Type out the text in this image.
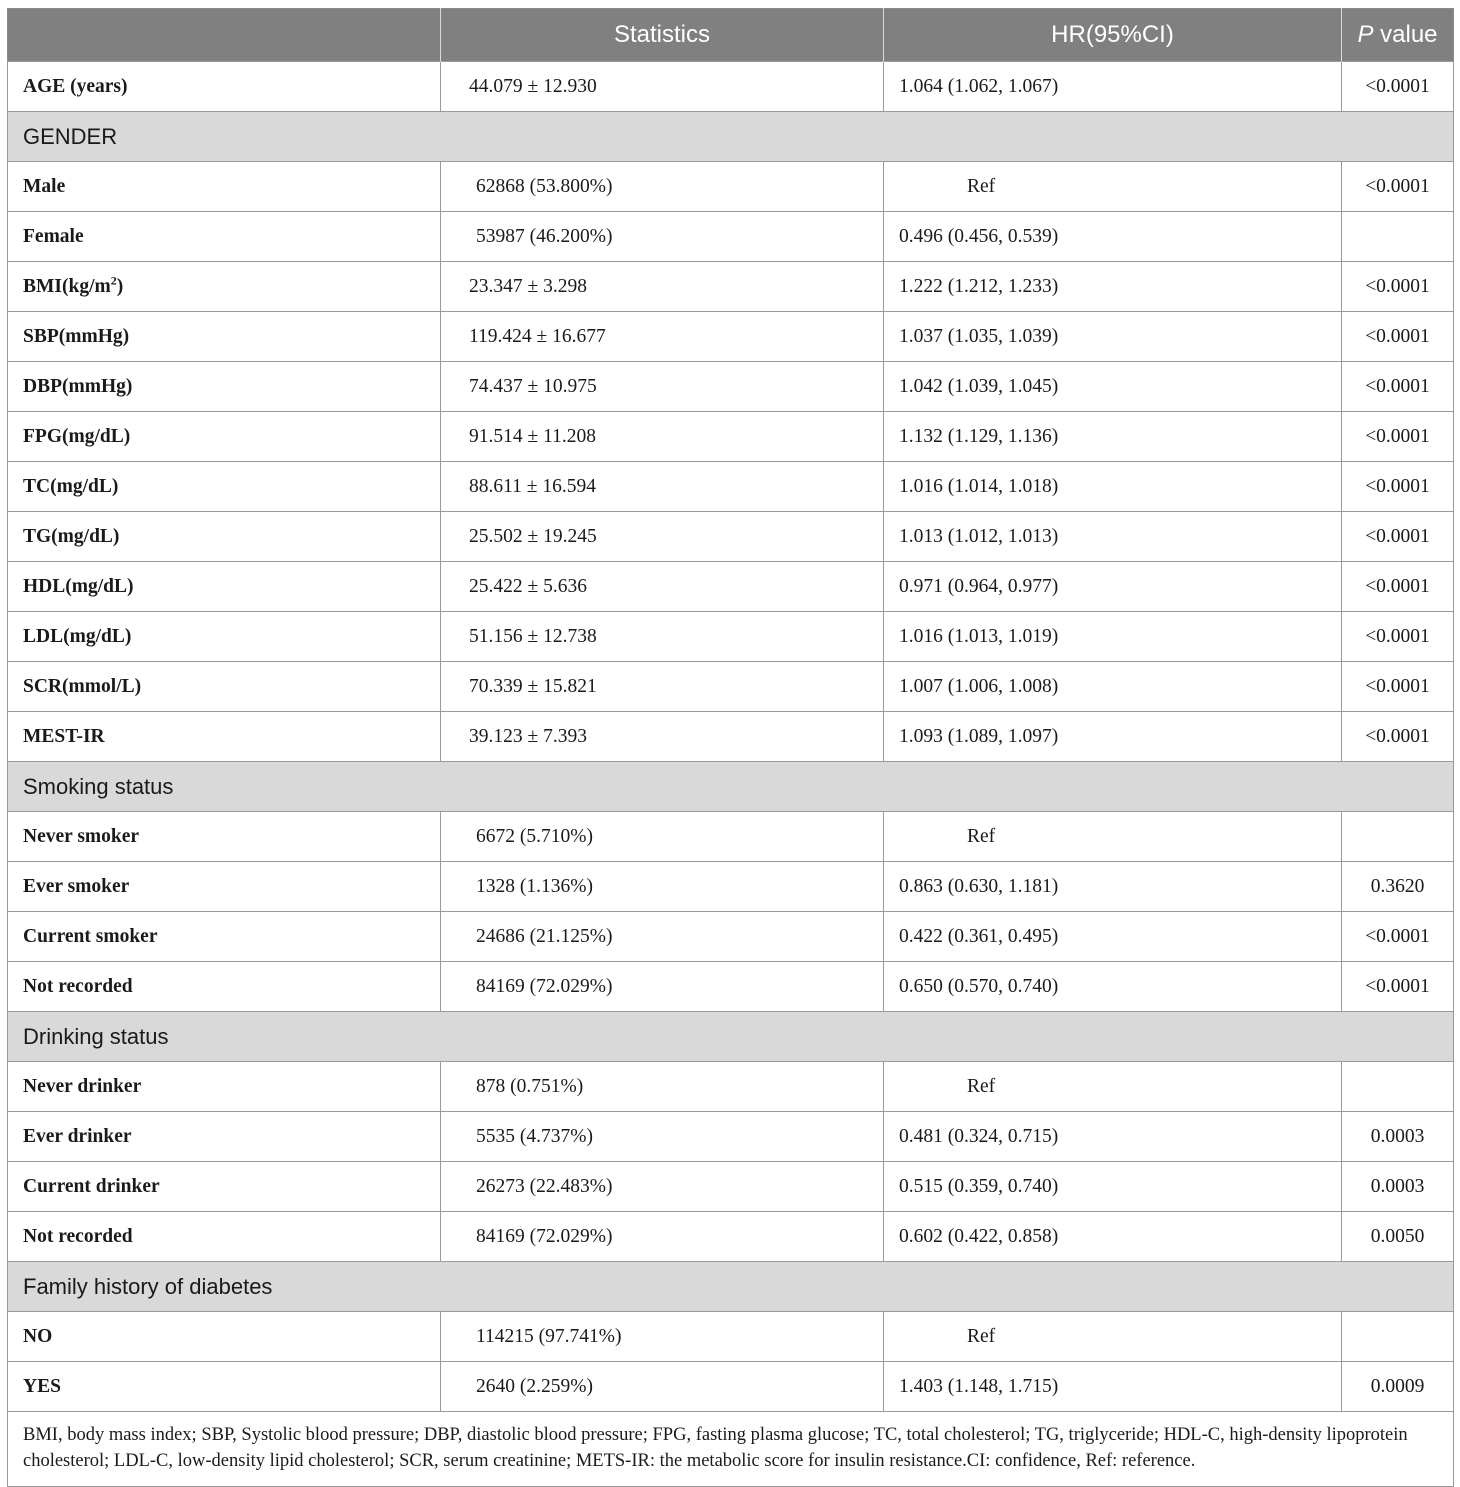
	Statistics	HR(95%CI)	P value
AGE (years)	44.079 ± 12.930	1.064 (1.062, 1.067)	<0.0001
GENDER			
Male	62868 (53.800%)	Ref	<0.0001
Female	53987 (46.200%)	0.496 (0.456, 0.539)	
$BMI(kg/m^2)$	23.347 ± 3.298	1.222 (1.212, 1.233)	<0.0001
SBP(mmHg)	119.424 ± 16.677	1.037 (1.035, 1.039)	<0.0001
DBP(mmHg)	74.437 ± 10.975	1.042 (1.039, 1.045)	<0.0001
FPG(mg/dL)	91.514 ± 11.208	1.132 (1.129, 1.136)	<0.0001
TC(mg/dL)	88.611 ± 16.594	1.016 (1.014, 1.018)	<0.0001
TG(mg/dL)	25.502 ± 19.245	1.013 (1.012, 1.013)	<0.0001
HDL(mg/dL)	25.422 ± 5.636	0.971 (0.964, 0.977)	<0.0001
LDL(mg/dL)	51.156 ± 12.738	1.016 (1.013, 1.019)	<0.0001
SCR(mmol/L)	70.339 ± 15.821	1.007 (1.006, 1.008)	<0.0001
MEST-IR	39.123 ± 7.393	1.093 (1.089, 1.097)	<0.0001
Smoking status			
Never smoker	6672 (5.710%)	Ref	
Ever smoker	1328 (1.136%)	0.863 (0.630, 1.181)	0.3620
Current smoker	24686 (21.125%)	0.422 (0.361, 0.495)	<0.0001
Not recorded	84169 (72.029%)	0.650 (0.570, 0.740)	<0.0001
Drinking status			
Never drinker	878 (0.751%)	Ref	
Ever drinker	5535 (4.737%)	0.481 (0.324, 0.715)	0.0003
Current drinker	26273 (22.483%)	0.515 (0.359, 0.740)	0.0003
Not recorded	84169 (72.029%)	0.602 (0.422, 0.858)	0.0050
Family history of diabetes			
NO	114215 (97.741%)	Ref	
YES	2640 (2.259%)	1.403 (1.148, 1.715)	0.0009
BMI, body mass index; SBP, Systolic blood pressure; DBP, diastolic blood pressure; FPG, fasting plasma glucose; TC, total cholesterol; TG, triglyceride; HDL-C, high-density lipoprotein cholesterol; LDL-C, low-density lipid cholesterol; SCR, serum creatinine; METS-IR: the metabolic score for insulin resistance.CI: confidence, Ref: reference.			
